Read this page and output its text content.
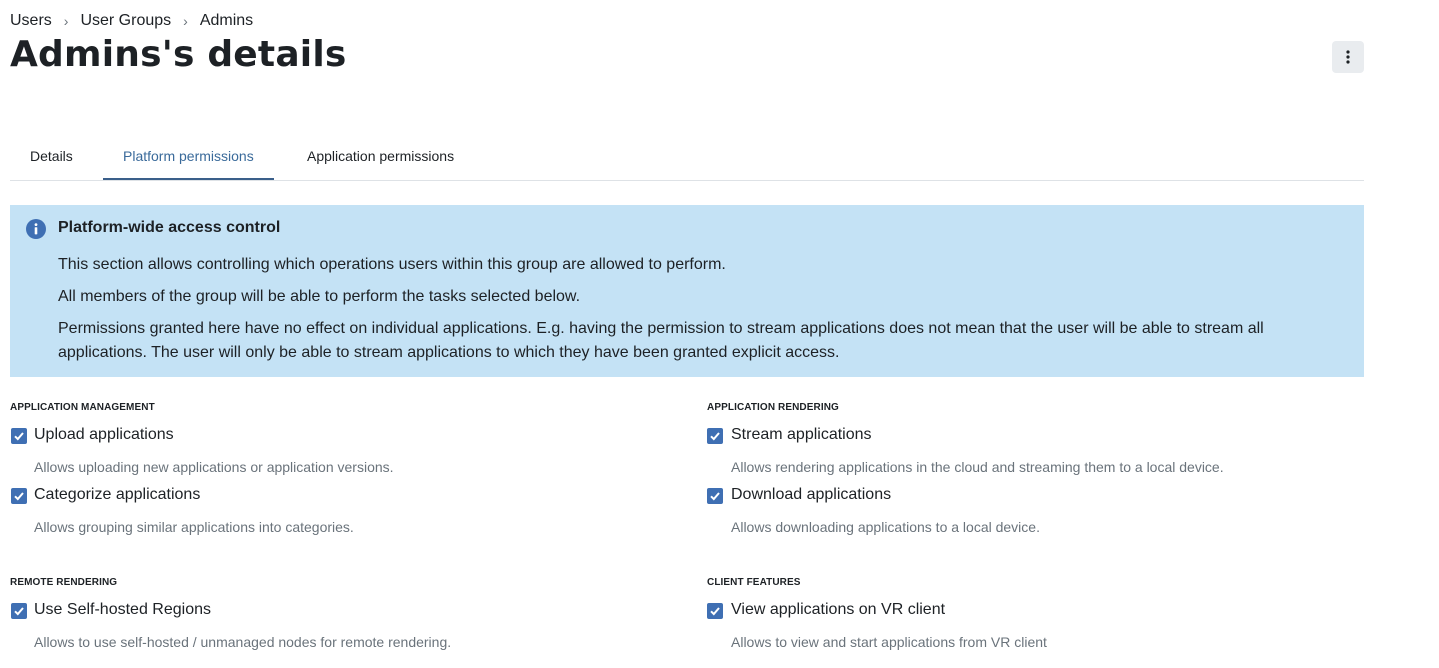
Users › User Groups › Admins
Admins's details
Details	Platform permissions	Application permissions
Platform-wide access control
This section allows controlling which operations users within this group are allowed to perform.
All members of the group will be able to perform the tasks selected below.
Permissions granted here have no effect on individual applications. E.g. having the permission to stream applications does not mean that the user will be able to stream all applications. The user will only be able to stream applications to which they have been granted explicit access.
APPLICATION MANAGEMENT
Upload applications
Allows uploading new applications or application versions.
Categorize applications
Allows grouping similar applications into categories.
APPLICATION RENDERING
Stream applications
Allows rendering applications in the cloud and streaming them to a local device.
Download applications
Allows downloading applications to a local device.
REMOTE RENDERING
Use Self-hosted Regions
Allows to use self-hosted / unmanaged nodes for remote rendering.
CLIENT FEATURES
View applications on VR client
Allows to view and start applications from VR client
